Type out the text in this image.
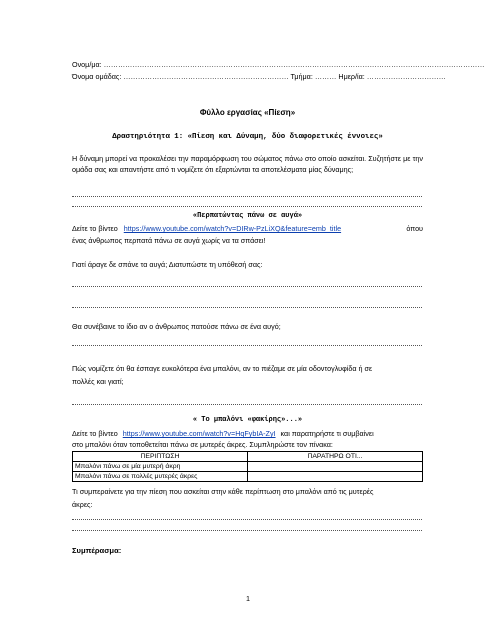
Ονομ/μα: ……………………………………………………………………………………………………………………………………………
Όνομα ομάδας: …………………………………………………………… Τμήμα: ……… Ημερ/ία: ……………………………
Φύλλο εργασίας «Πίεση»
Δραστηριότητα 1: «Πίεση και Δύναμη, δύο διαφορετικές έννοιες»
Η δύναμη μπορεί να προκαλέσει την παραμόρφωση του σώματος πάνω στο οποίο ασκείται. Συζητήστε με την ομάδα σας και απαντήστε από τι νομίζετε ότι εξαρτώνται τα αποτελέσματα μίας δύναμης;
«Περπατώντας πάνω σε αυγά»
Δείτε το βίντεο https://www.youtube.com/watch?v=DIRw-PzLiXQ&feature=emb_title	όπου
ένας άνθρωπος περπατά πάνω σε αυγά χωρίς να τα σπάσει!
Γιατί άραγε δε σπάνε τα αυγά; Διατυπώστε τη υπόθεσή σας:
Θα συνέβαινε το ίδιο αν ο άνθρωπος πατούσε πάνω σε ένα αυγό;
Πώς νομίζετε ότι θα έσπαγε ευκολότερα ένα μπαλόνι, αν το πιέζαμε σε μία οδοντογλυφίδα ή σε
πολλές και γιατί;
« Το μπαλόνι «φακίρης»...»
Δείτε το βίντεο https://www.youtube.com/watch?v=HqFybIA-ZyI και παρατηρήστε τι συμβαίνει
στο μπαλόνι όταν τοποθετείται πάνω σε μυτερές άκρες. Συμπληρώστε τον πίνακα:
ΠΕΡΙΠΤΩΣΗ	ΠΑΡΑΤΗΡΩ ΟΤΙ...
Μπαλόνι πάνω σε μία μυτερή άκρη	
Μπαλόνι πάνω σε πολλές μυτερές άκρες	
Τι συμπεραίνετε για την πίεση που ασκείται στην κάθε περίπτωση στο μπαλόνι από τις μυτερές
άκρες:
Συμπέρασμα:
1
